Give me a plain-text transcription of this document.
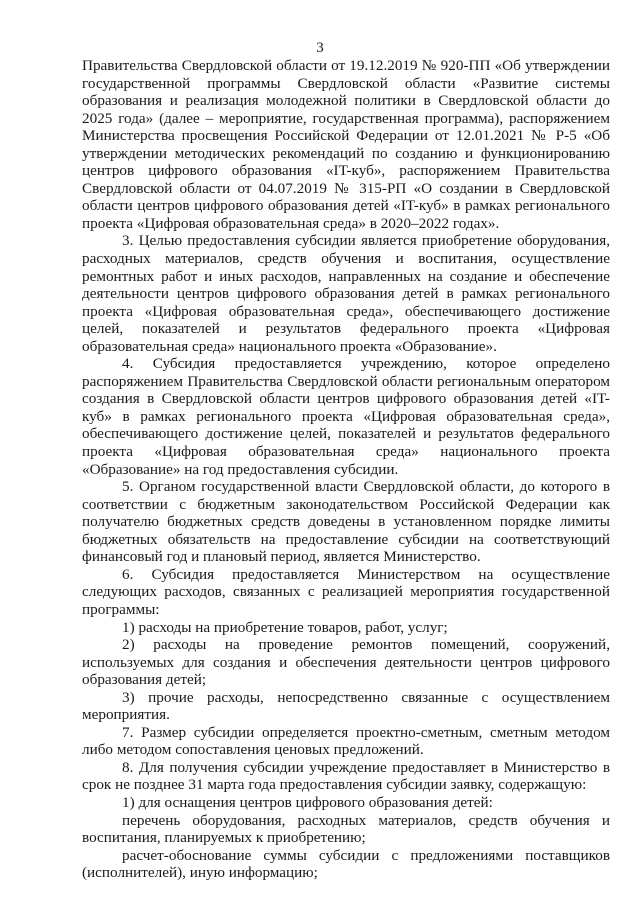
3

Правительства Свердловской области от 19.12.2019 № 920-ПП «Об утверждении государственной программы Свердловской области «Развитие системы образования и реализация молодежной политики в Свердловской области до 2025 года» (далее – мероприятие, государственная программа), распоряжением Министерства просвещения Российской Федерации от 12.01.2021 № Р-5 «Об утверждении методических рекомендаций по созданию и функционированию центров цифрового образования «IT-куб», распоряжением Правительства Свердловской области от 04.07.2019 № 315-РП «О создании в Свердловской области центров цифрового образования детей «IT-куб» в рамках регионального проекта «Цифровая образовательная среда» в 2020–2022 годах».

3. Целью предоставления субсидии является приобретение оборудования, расходных материалов, средств обучения и воспитания, осуществление ремонтных работ и иных расходов, направленных на создание и обеспечение деятельности центров цифрового образования детей в рамках регионального проекта «Цифровая образовательная среда», обеспечивающего достижение целей, показателей и результатов федерального проекта «Цифровая образовательная среда» национального проекта «Образование».

4. Субсидия предоставляется учреждению, которое определено распоряжением Правительства Свердловской области региональным оператором создания в Свердловской области центров цифрового образования детей «IT-куб» в рамках регионального проекта «Цифровая образовательная среда», обеспечивающего достижение целей, показателей и результатов федерального проекта «Цифровая образовательная среда» национального проекта «Образование» на год предоставления субсидии.

5. Органом государственной власти Свердловской области, до которого в соответствии с бюджетным законодательством Российской Федерации как получателю бюджетных средств доведены в установленном порядке лимиты бюджетных обязательств на предоставление субсидии на соответствующий финансовый год и плановый период, является Министерство.

6. Субсидия предоставляется Министерством на осуществление следующих расходов, связанных с реализацией мероприятия государственной программы:

1) расходы на приобретение товаров, работ, услуг;

2) расходы на проведение ремонтов помещений, сооружений, используемых для создания и обеспечения деятельности центров цифрового образования детей;

3) прочие расходы, непосредственно связанные с осуществлением мероприятия.

7. Размер субсидии определяется проектно-сметным, сметным методом либо методом сопоставления ценовых предложений.

8. Для получения субсидии учреждение предоставляет в Министерство в срок не позднее 31 марта года предоставления субсидии заявку, содержащую:

1) для оснащения центров цифрового образования детей:

перечень оборудования, расходных материалов, средств обучения и воспитания, планируемых к приобретению;

расчет-обоснование суммы субсидии с предложениями поставщиков (исполнителей), иную информацию;
